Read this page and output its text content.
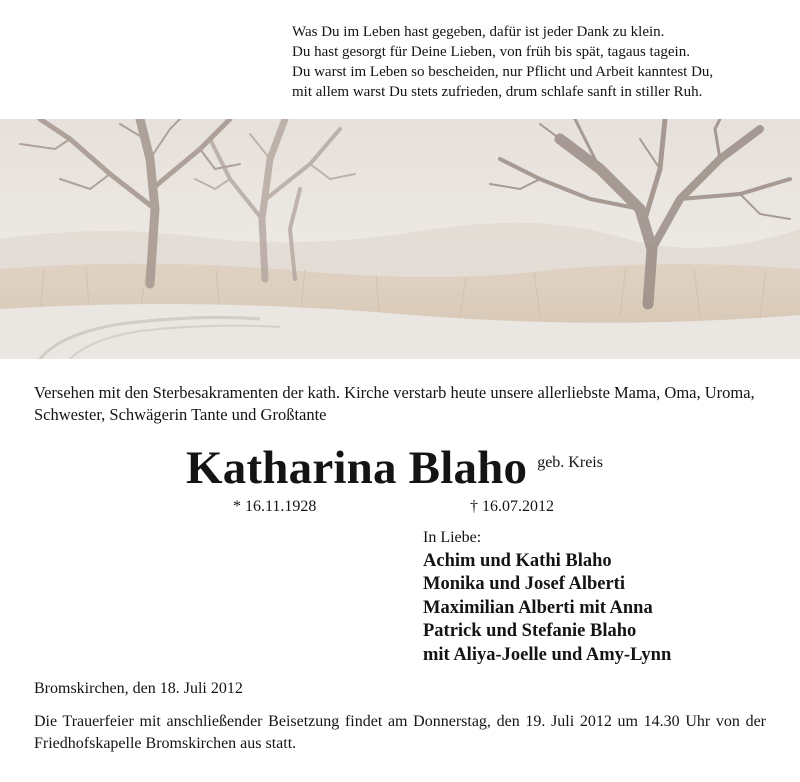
Was Du im Leben hast gegeben, dafür ist jeder Dank zu klein.
Du hast gesorgt für Deine Lieben, von früh bis spät, tagaus tagein.
Du warst im Leben so bescheiden, nur Pflicht und Arbeit kanntest Du,
mit allem warst Du stets zufrieden, drum schlafe sanft in stiller Ruh.
Versehen mit den Sterbesakramenten der kath. Kirche verstarb heute unsere allerliebste Mama, Oma, Uroma, Schwester, Schwägerin Tante und Großtante
Katharina Blaho geb. Kreis
* 16.11.1928	† 16.07.2012
In Liebe:
Achim und Kathi Blaho
Monika und Josef Alberti
Maximilian Alberti mit Anna
Patrick und Stefanie Blaho
mit Aliya-Joelle und Amy-Lynn
Bromskirchen, den 18. Juli 2012
Die Trauerfeier mit anschließender Beisetzung findet am Donnerstag, den 19. Juli 2012 um 14.30 Uhr von der Friedhofskapelle Bromskirchen aus statt.
